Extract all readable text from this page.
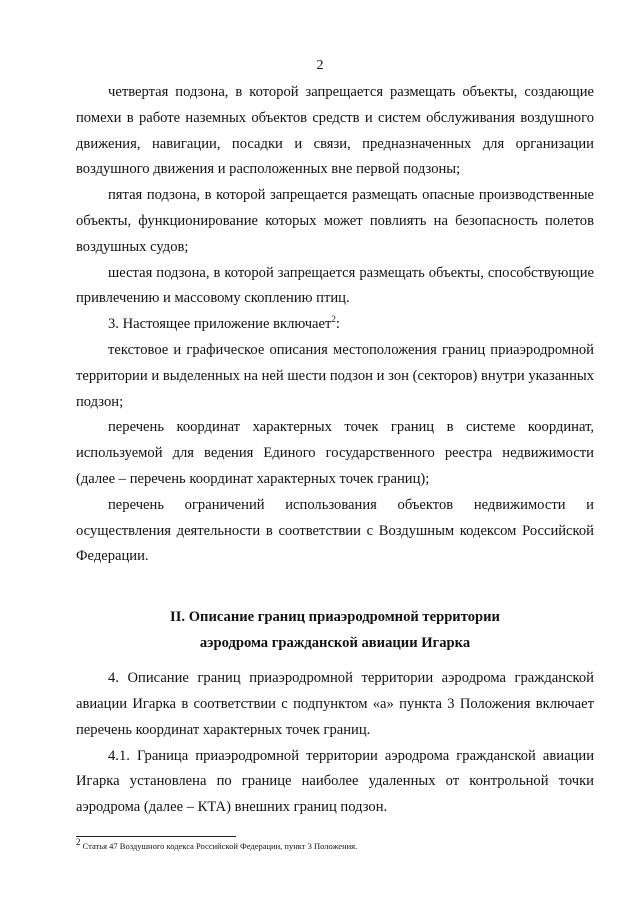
2

четвертая подзона, в которой запрещается размещать объекты, создающие помехи в работе наземных объектов средств и систем обслуживания воздушного движения, навигации, посадки и связи, предназначенных для организации воздушного движения и расположенных вне первой подзоны;

пятая подзона, в которой запрещается размещать опасные производственные объекты, функционирование которых может повлиять на безопасность полетов воздушных судов;

шестая подзона, в которой запрещается размещать объекты, способствующие привлечению и массовому скоплению птиц.

3. Настоящее приложение включает$^2$:

текстовое и графическое описания местоположения границ приаэродромной территории и выделенных на ней шести подзон и зон (секторов) внутри указанных подзон;

перечень координат характерных точек границ в системе координат, используемой для ведения Единого государственного реестра недвижимости (далее – перечень координат характерных точек границ);

перечень ограничений использования объектов недвижимости и осуществления деятельности в соответствии с Воздушным кодексом Российской Федерации.

II. Описание границ приаэродромной территории
аэродрома гражданской авиации Игарка

4. Описание границ приаэродромной территории аэродрома гражданской авиации Игарка в соответствии с подпунктом «а» пункта 3 Положения включает перечень координат характерных точек границ.

4.1. Граница приаэродромной территории аэродрома гражданской авиации Игарка установлена по границе наиболее удаленных от контрольной точки аэродрома (далее – КТА) внешних границ подзон.

$^2$ Статья 47 Воздушного кодекса Российской Федерации, пункт 3 Положения.
